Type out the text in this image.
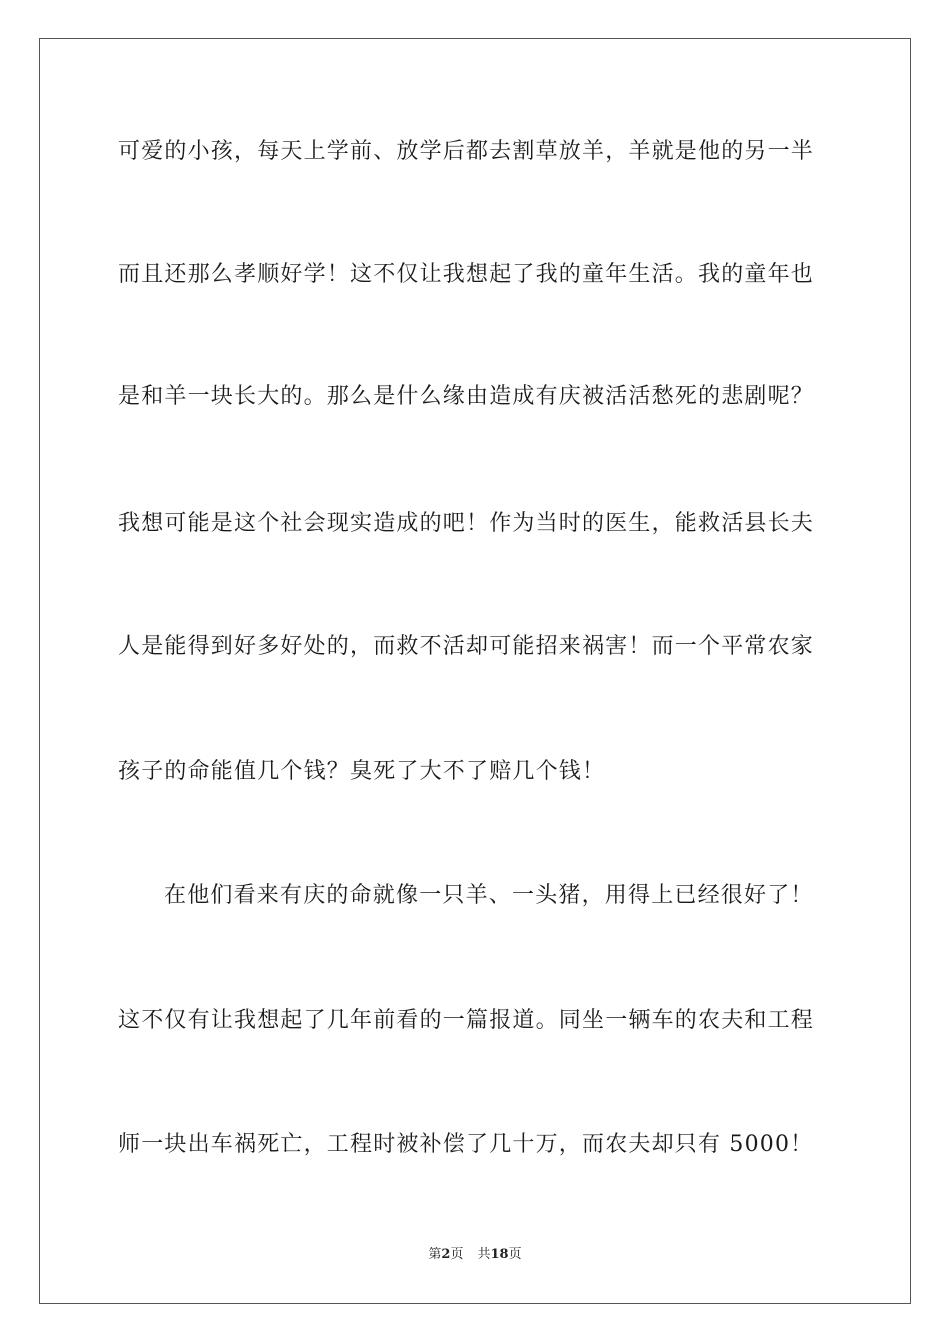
可爱的小孩，每天上学前、放学后都去割草放羊，羊就是他的另一半
而且还那么孝顺好学！这不仅让我想起了我的童年生活。我的童年也
是和羊一块长大的。那么是什么缘由造成有庆被活活愁死的悲剧呢？
我想可能是这个社会现实造成的吧！作为当时的医生，能救活县长夫
人是能得到好多好处的，而救不活却可能招来祸害！而一个平常农家
孩子的命能值几个钱？臭死了大不了赔几个钱！
在他们看来有庆的命就像一只羊、一头猪，用得上已经很好了！
这不仅有让我想起了几年前看的一篇报道。同坐一辆车的农夫和工程
师一块出车祸死亡，工程时被补偿了几十万，而农夫却只有 5000！
第2页 共18页
